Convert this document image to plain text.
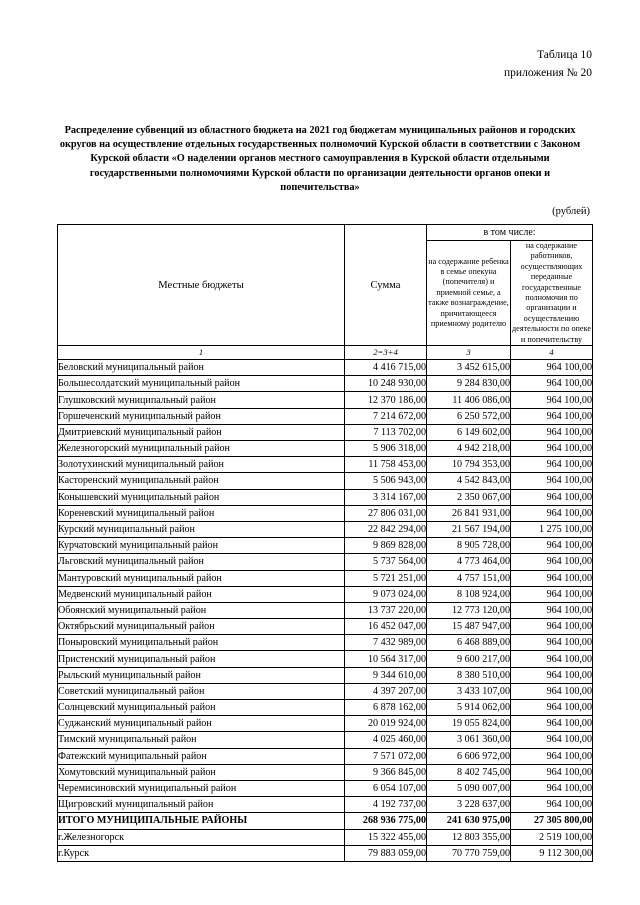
Таблица 10
приложения № 20
Распределение субвенций из областного бюджета на 2021 год бюджетам муниципальных районов и городских округов на осуществление отдельных государственных полномочий Курской области в соответствии с Законом Курской области «О наделении органов местного самоуправления в Курской области отдельными государственными полномочиями Курской области по организации деятельности органов опеки и попечительства»
(рублей)
Местные бюджеты	Сумма	в том числе:	
		на содержание ребенка в семье опекуна (попечителя) и приемной семье, а также вознаграждение, причитающееся приемному родителю	на содержание работников, осуществляющих переданные государственные полномочия по организации и осуществлению деятельности по опеке и попечительству
1	2=3+4	3	4
Беловский муниципальный район	4 416 715,00	3 452 615,00	964 100,00
Большесолдатский муниципальный район	10 248 930,00	9 284 830,00	964 100,00
Глушковский муниципальный район	12 370 186,00	11 406 086,00	964 100,00
Горшеченский муниципальный район	7 214 672,00	6 250 572,00	964 100,00
Дмитриевский муниципальный район	7 113 702,00	6 149 602,00	964 100,00
Железногорский муниципальный район	5 906 318,00	4 942 218,00	964 100,00
Золотухинский муниципальный район	11 758 453,00	10 794 353,00	964 100,00
Касторенский муниципальный район	5 506 943,00	4 542 843,00	964 100,00
Конышевский муниципальный район	3 314 167,00	2 350 067,00	964 100,00
Кореневский муниципальный район	27 806 031,00	26 841 931,00	964 100,00
Курский муниципальный район	22 842 294,00	21 567 194,00	1 275 100,00
Курчатовский муниципальный район	9 869 828,00	8 905 728,00	964 100,00
Льговский муниципальный район	5 737 564,00	4 773 464,00	964 100,00
Мантуровский муниципальный район	5 721 251,00	4 757 151,00	964 100,00
Медвенский муниципальный район	9 073 024,00	8 108 924,00	964 100,00
Обоянский муниципальный район	13 737 220,00	12 773 120,00	964 100,00
Октябрьский муниципальный район	16 452 047,00	15 487 947,00	964 100,00
Поныровский муниципальный район	7 432 989,00	6 468 889,00	964 100,00
Пристенский муниципальный район	10 564 317,00	9 600 217,00	964 100,00
Рыльский муниципальный район	9 344 610,00	8 380 510,00	964 100,00
Советский муниципальный район	4 397 207,00	3 433 107,00	964 100,00
Солнцевский муниципальный район	6 878 162,00	5 914 062,00	964 100,00
Суджанский муниципальный район	20 019 924,00	19 055 824,00	964 100,00
Тимский муниципальный район	4 025 460,00	3 061 360,00	964 100,00
Фатежский муниципальный район	7 571 072,00	6 606 972,00	964 100,00
Хомутовский муниципальный район	9 366 845,00	8 402 745,00	964 100,00
Черемисиновский муниципальный район	6 054 107,00	5 090 007,00	964 100,00
Щигровский муниципальный район	4 192 737,00	3 228 637,00	964 100,00
ИТОГО МУНИЦИПАЛЬНЫЕ РАЙОНЫ	268 936 775,00	241 630 975,00	27 305 800,00
г.Железногорск	15 322 455,00	12 803 355,00	2 519 100,00
г.Курск	79 883 059,00	70 770 759,00	9 112 300,00
